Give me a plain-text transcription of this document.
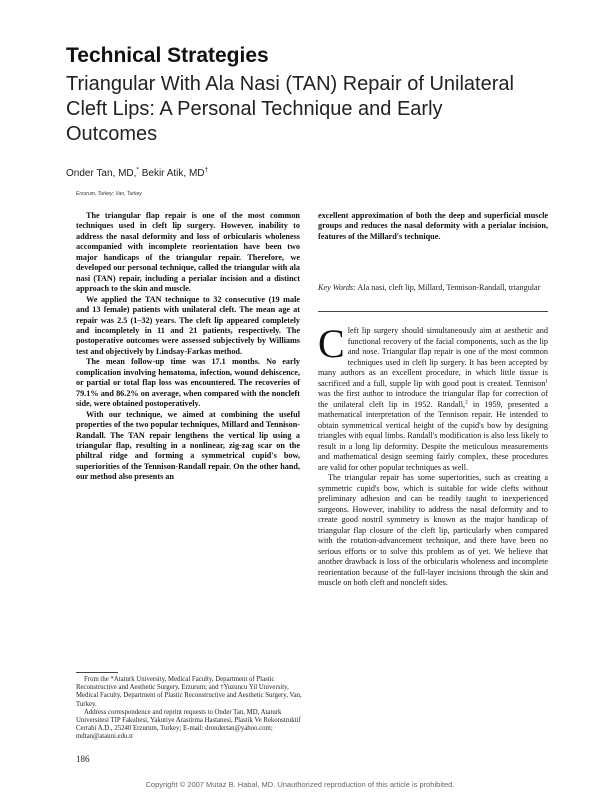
Technical Strategies
Triangular With Ala Nasi (TAN) Repair of Unilateral Cleft Lips: A Personal Technique and Early Outcomes
Onder Tan, MD,* Bekir Atik, MD†
Erzurum, Turkey; Van, Turkey

The triangular flap repair is one of the most common techniques used in cleft lip surgery. However, inability to address the nasal deformity and loss of orbicularis wholeness accompanied with incomplete reorientation have been two major handicaps of the triangular repair. Therefore, we developed our personal technique, called the triangular with ala nasi (TAN) repair, including a perialar incision and a distinct approach to the skin and muscle.

We applied the TAN technique to 32 consecutive (19 male and 13 female) patients with unilateral cleft. The mean age at repair was 2.5 (1–32) years. The cleft lip appeared completely and incompletely in 11 and 21 patients, respectively. The postoperative outcomes were assessed subjectively by Williams test and objectively by Lindsay-Farkas method.

The mean follow-up time was 17.1 months. No early complication involving hematoma, infection, wound dehiscence, or partial or total flap loss was encountered. The recoveries of 79.1% and 86.2% on average, when compared with the noncleft side, were obtained postoperatively.

With our technique, we aimed at combining the useful properties of the two popular techniques, Millard and Tennison-Randall. The TAN repair lengthens the vertical lip using a triangular flap, resulting in a nonlinear, zig-zag scar on the philtral ridge and forming a symmetrical cupid's bow, superiorities of the Tennison-Randall repair. On the other hand, our method also presents an

excellent approximation of both the deep and superficial muscle groups and reduces the nasal deformity with a perialar incision, features of the Millard's technique.

Key Words: Ala nasi, cleft lip, Millard, Tennison-Randall, triangular

Cleft lip surgery should simultaneously aim at aesthetic and functional recovery of the facial components, such as the lip and nose. Triangular flap repair is one of the most common techniques used in cleft lip surgery. It has been accepted by many authors as an excellent procedure, in which little tissue is sacrificed and a full, supple lip with good pout is created. Tennison$^1$ was the first author to introduce the triangular flap for correction of the unilateral cleft lip in 1952. Randall,$^2$ in 1959, presented a mathematical interpretation of the Tennison repair. He intended to obtain symmetrical vertical height of the cupid's bow by designing triangles with equal limbs. Randall's modification is also less likely to result in a long lip deformity. Despite the meticulous measurements and mathematical design seeming fairly complex, these procedures are valid for other popular techniques as well.

The triangular repair has some superiorities, such as creating a symmetric cupid's bow, which is suitable for wide clefts without preliminary adhesion and can be readily taught to inexperienced surgeons. However, inability to address the nasal deformity and to create good nostril symmetry is known as the major handicap of triangular flap closure of the cleft lip, particularly when compared with the rotation-advancement technique, and there have been no serious efforts or to solve this problem as of yet. We believe that another drawback is loss of the orbicularis wholeness and incomplete reorientation because of the full-layer incisions through the skin and muscle on both cleft and noncleft sides.

From the *Ataturk University, Medical Faculty, Department of Plastic Reconstructive and Aesthetic Surgery, Erzurum; and †Yuzuncu Yil University, Medical Faculty, Department of Plastic Reconstructive and Aesthetic Surgery, Van, Turkey.

Address correspondence and reprint requests to Onder Tan, MD, Ataturk Universitesi TIP Fakultesi, Yakutiye Arastirma Hastanesi, Plastik Ve Rekonstruktif Cerrahi A.D., 25240 Erzurum, Turkey; E-mail: drondertan@yahoo.com; mdtan@atauni.edu.tr

186
Copyright © 2007 Mutaz B. Habal, MD. Unauthorized reproduction of this article is prohibited.
